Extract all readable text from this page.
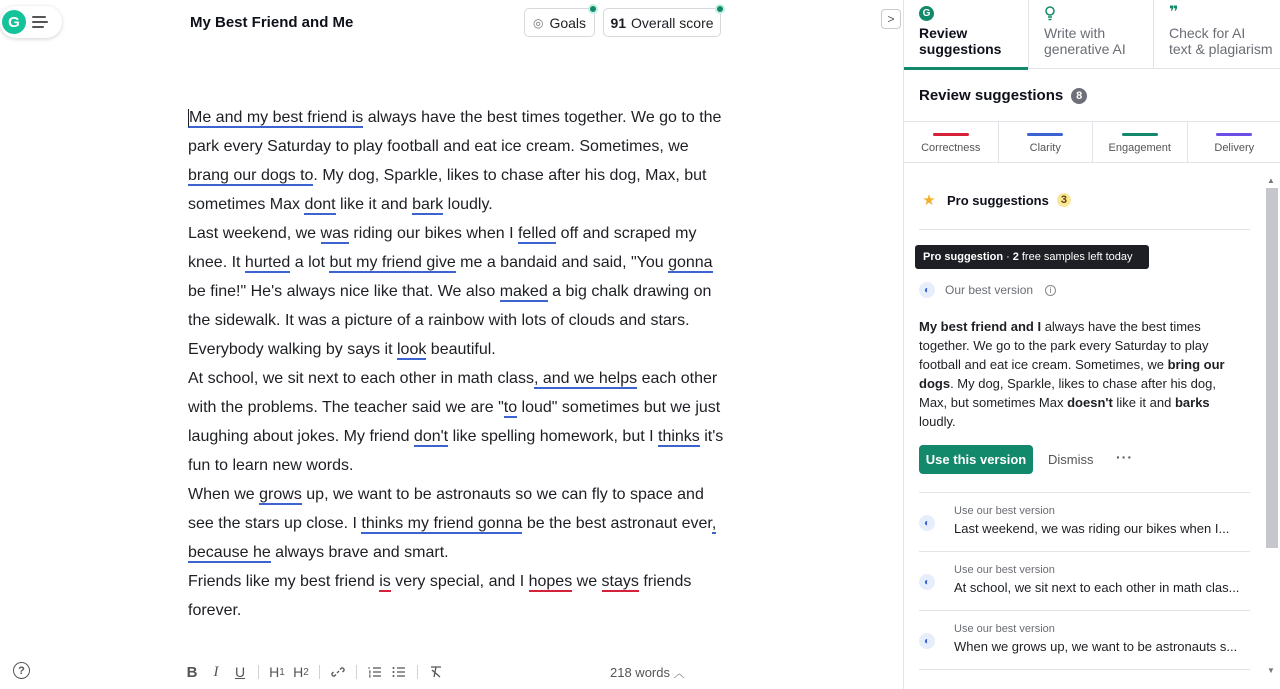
G	My Best Friend and Me	◎ Goals 91 Overall score	>

Me and my best friend is always have the best times together. We go to the park every Saturday to play football and eat ice cream. Sometimes, we brang our dogs to. My dog, Sparkle, likes to chase after his dog, Max, but sometimes Max dont like it and bark loudly.

Last weekend, we was riding our bikes when I felled off and scraped my knee. It hurted a lot but my friend give me a bandaid and said, "You gonna be fine!" He's always nice like that. We also maked a big chalk drawing on the sidewalk. It was a picture of a rainbow with lots of clouds and stars. Everybody walking by says it look beautiful.

At school, we sit next to each other in math class, and we helps each other with the problems. The teacher said we are "to loud" sometimes but we just laughing about jokes. My friend don't like spelling homework, but I thinks it's fun to learn new words.

When we grows up, we want to be astronauts so we can fly to space and see the stars up close. I thinks my friend gonna be the best astronaut ever, because he always brave and smart.

Friends like my best friend is very special, and I hopes we stays friends forever.

?	B	I	U	H 1 H 2	218 words ︿
G
Review
suggestions
Write with
generative AI
❞
Check for AI
text & plagiarism
Review suggestions	8
Correctness	Clarity	Engagement	Delivery
★ Pro suggestions	3
Pro suggestion · 2 free samples left today
◐	Our best version	i
My best friend and I always have the best times together. We go to the park every Saturday to play football and eat ice cream. Sometimes, we bring our dogs. My dog, Sparkle, likes to chase after his dog, Max, but sometimes Max doesn't like it and barks loudly.
Use this version	Dismiss ···
◐
Use our best version
Last weekend, we was riding our bikes when I...
◐
Use our best version
At school, we sit next to each other in math clas...
◐
Use our best version
When we grows up, we want to be astronauts s...
▲
▼
